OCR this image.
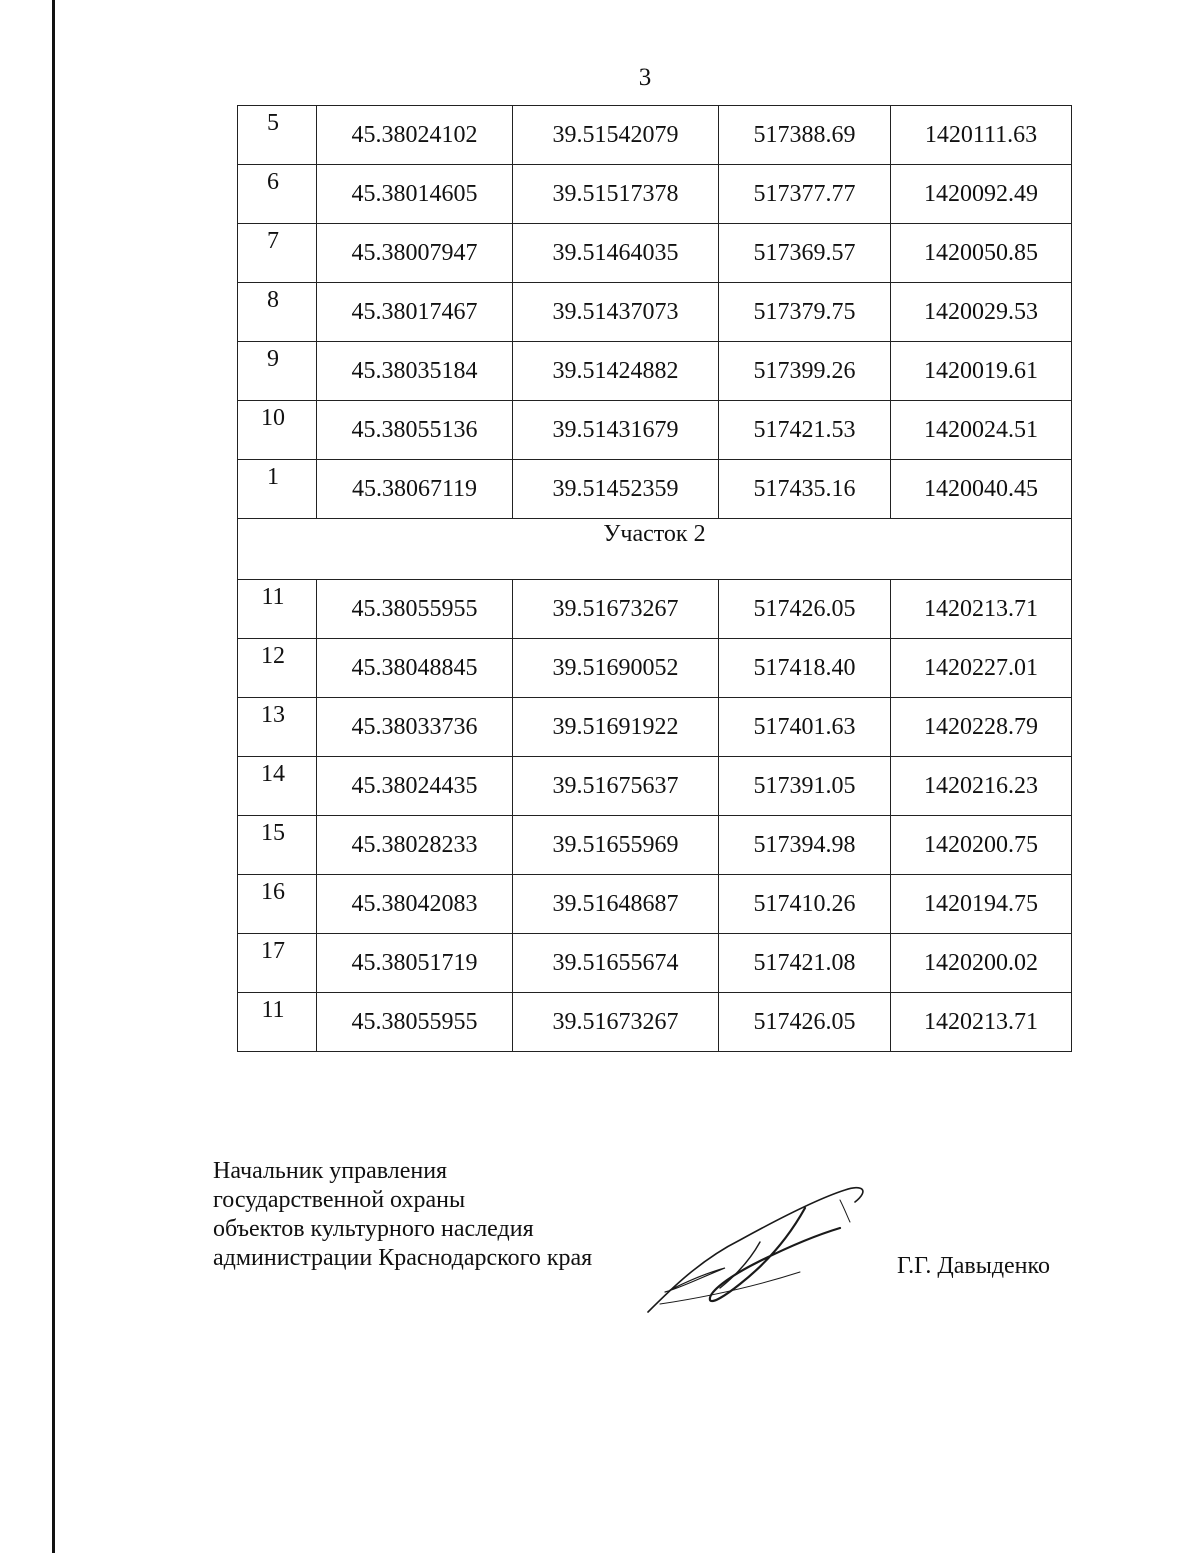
3
5	45.38024102	39.51542079	517388.69	1420111.63
6	45.38014605	39.51517378	517377.77	1420092.49
7	45.38007947	39.51464035	517369.57	1420050.85
8	45.38017467	39.51437073	517379.75	1420029.53
9	45.38035184	39.51424882	517399.26	1420019.61
10	45.38055136	39.51431679	517421.53	1420024.51
1	45.38067119	39.51452359	517435.16	1420040.45
Участок 2				
11	45.38055955	39.51673267	517426.05	1420213.71
12	45.38048845	39.51690052	517418.40	1420227.01
13	45.38033736	39.51691922	517401.63	1420228.79
14	45.38024435	39.51675637	517391.05	1420216.23
15	45.38028233	39.51655969	517394.98	1420200.75
16	45.38042083	39.51648687	517410.26	1420194.75
17	45.38051719	39.51655674	517421.08	1420200.02
11	45.38055955	39.51673267	517426.05	1420213.71
Начальник управления
государственной охраны
объектов культурного наследия
администрации Краснодарского края	Г.Г. Давыденко
